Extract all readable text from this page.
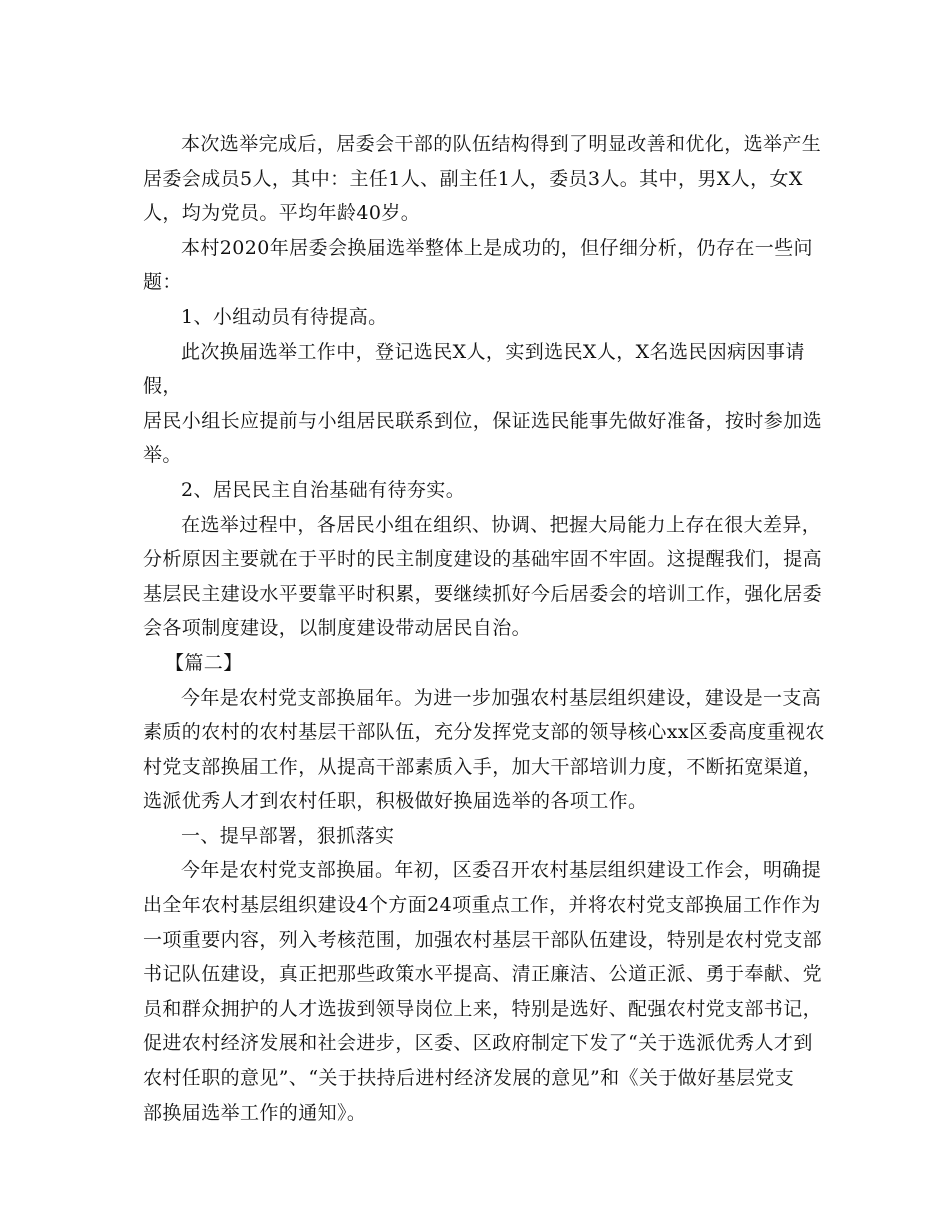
本次选举完成后，居委会干部的队伍结构得到了明显改善和优化，选举产生
居委会成员5人，其中：主任1人、副主任1人，委员3人。其中，男X人，女X
人，均为党员。平均年龄40岁。

本村2020年居委会换届选举整体上是成功的，但仔细分析，仍存在一些问题：

1、小组动员有待提高。

此次换届选举工作中，登记选民X人，实到选民X人，X名选民因病因事请假，
居民小组长应提前与小组居民联系到位，保证选民能事先做好准备，按时参加选
举。

2、居民民主自治基础有待夯实。

在选举过程中，各居民小组在组织、协调、把握大局能力上存在很大差异，
分析原因主要就在于平时的民主制度建设的基础牢固不牢固。这提醒我们，提高
基层民主建设水平要靠平时积累，要继续抓好今后居委会的培训工作，强化居委
会各项制度建设，以制度建设带动居民自治。

【篇二】

今年是农村党支部换届年。为进一步加强农村基层组织建设，建设是一支高
素质的农村的农村基层干部队伍，充分发挥党支部的领导核心xx区委高度重视农
村党支部换届工作，从提高干部素质入手，加大干部培训力度，不断拓宽渠道，
选派优秀人才到农村任职，积极做好换届选举的各项工作。

一、提早部署，狠抓落实

今年是农村党支部换届。年初，区委召开农村基层组织建设工作会，明确提
出全年农村基层组织建设4个方面24项重点工作，并将农村党支部换届工作作为
一项重要内容，列入考核范围，加强农村基层干部队伍建设，特别是农村党支部
书记队伍建设，真正把那些政策水平提高、清正廉洁、公道正派、勇于奉献、党
员和群众拥护的人才选拔到领导岗位上来，特别是选好、配强农村党支部书记，
促进农村经济发展和社会进步，区委、区政府制定下发了“关于选派优秀人才到
农村任职的意见”、“关于扶持后进村经济发展的意见”和《关于做好基层党支
部换届选举工作的通知》。
